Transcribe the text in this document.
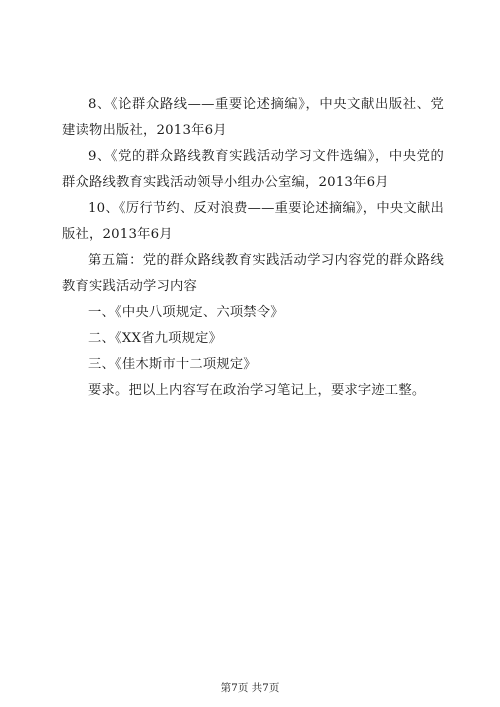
8、《论群众路线——重要论述摘编》，中央文献出版社、党建读物出版社，2013年6月

9、《党的群众路线教育实践活动学习文件选编》，中央党的群众路线教育实践活动领导小组办公室编，2013年6月

10、《厉行节约、反对浪费——重要论述摘编》，中央文献出版社，2013年6月

第五篇：党的群众路线教育实践活动学习内容党的群众路线教育实践活动学习内容

一、《中央八项规定、六项禁令》

二、《XX省九项规定》

三、《佳木斯市十二项规定》

要求。把以上内容写在政治学习笔记上，要求字迹工整。

第7页 共7页
